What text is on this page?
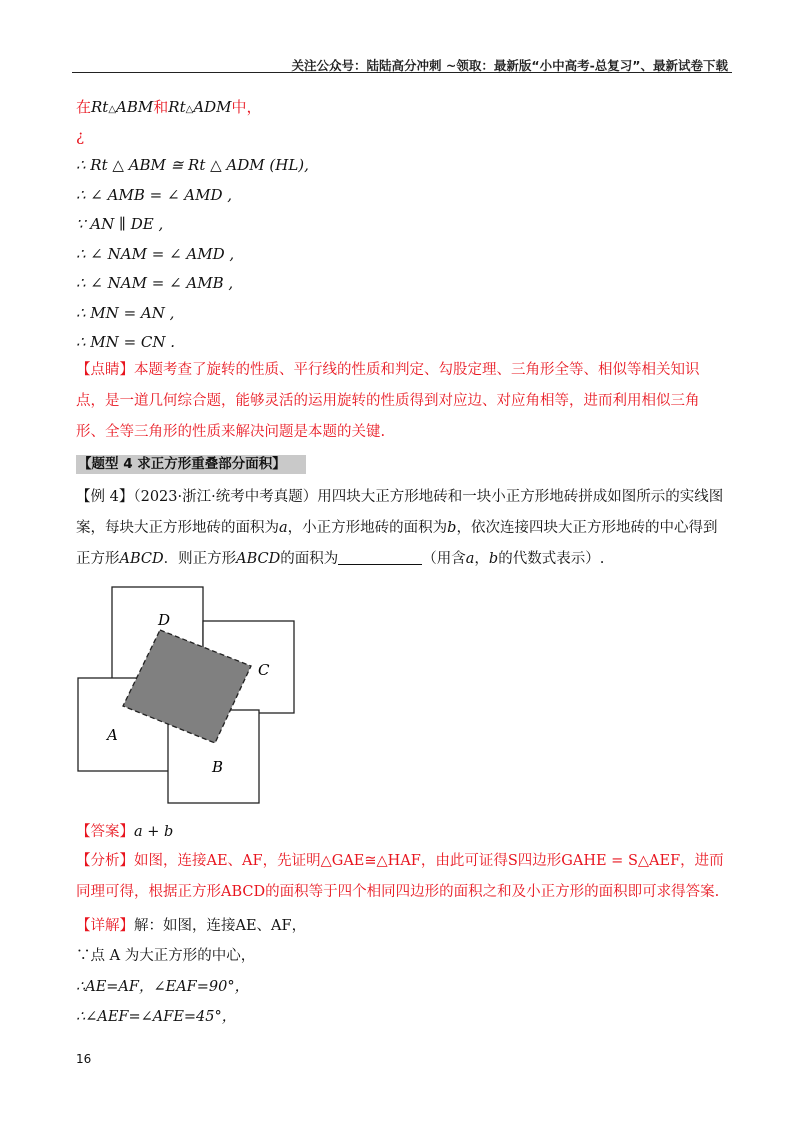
关注公众号：陆陆高分冲刺 ~领取：最新版“小中高考-总复习”、最新试卷下载
在Rt△ABM和Rt△ADM中，
¿
∴ Rt △ ABM ≅ Rt △ ADM (HL),
∴ ∠ AMB = ∠ AMD ,
∵ AN ∥ DE ,
∴ ∠ NAM = ∠ AMD ,
∴ ∠ NAM = ∠ AMB ,
∴ MN = AN ,
∴ MN = CN .
【点睛】本题考查了旋转的性质、平行线的性质和判定、勾股定理、三角形全等、相似等相关知识点，是一道几何综合题，能够灵活的运用旋转的性质得到对应边、对应角相等，进而利用相似三角形、全等三角形的性质来解决问题是本题的关键.
【题型 4 求正方形重叠部分面积】
【例 4】（2023·浙江·统考中考真题）用四块大正方形地砖和一块小正方形地砖拼成如图所示的实线图案，每块大正方形地砖的面积为a，小正方形地砖的面积为b，依次连接四块大正方形地砖的中心得到正方形ABCD．则正方形ABCD的面积为	（用含a，b的代数式表示）.
D
C
A
B
【答案】a + b
【分析】如图，连接AE、AF，先证明△GAE≅△HAF，由此可证得S四边形GAHE = S△AEF，进而同理可得，根据正方形ABCD的面积等于四个相同四边形的面积之和及小正方形的面积即可求得答案.
【详解】解：如图，连接AE、AF，
∵点 A 为大正方形的中心，
∴AE=AF，∠EAF=90°，
∴∠AEF=∠AFE=45°，
16
